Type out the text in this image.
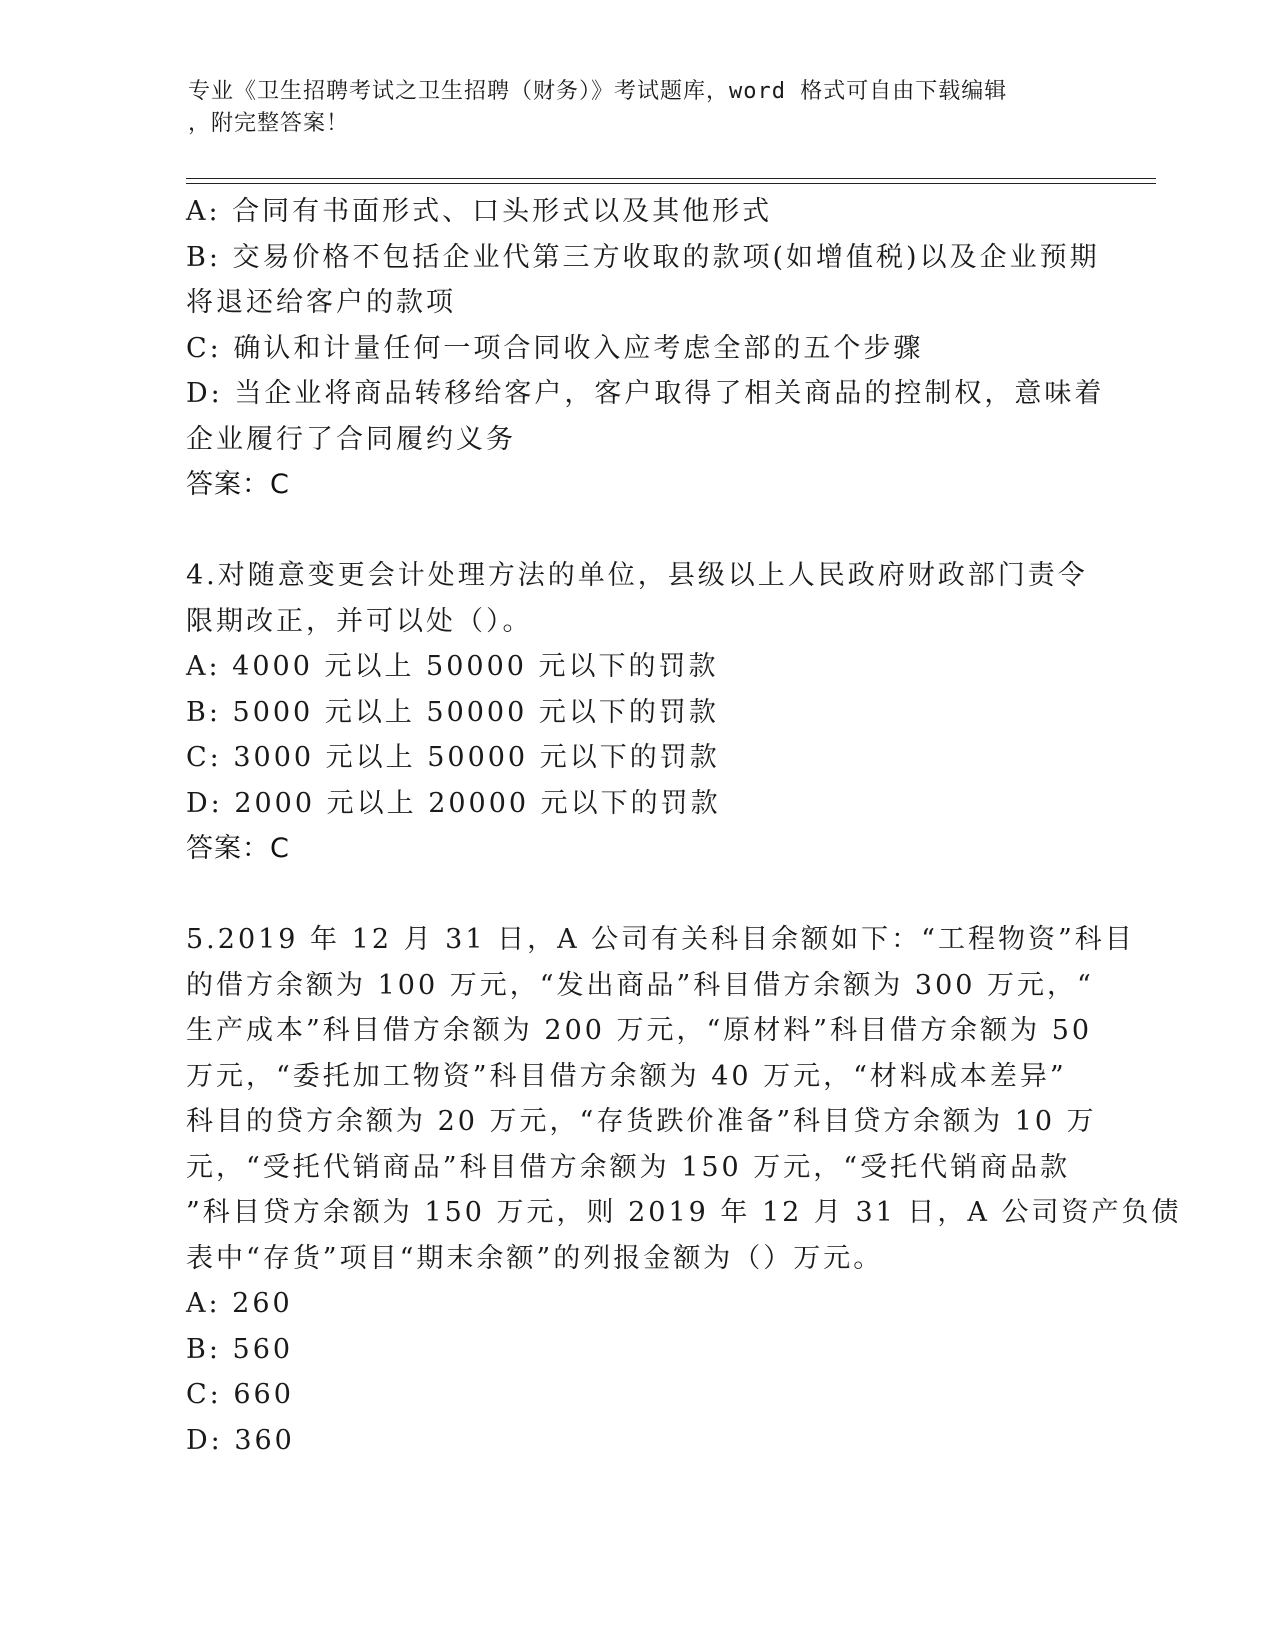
专业《卫生招聘考试之卫生招聘（财务）》考试题库，word 格式可自由下载编辑
，附完整答案！
A: 合同有书面形式、口头形式以及其他形式
B: 交易价格不包括企业代第三方收取的款项(如增值税)以及企业预期
将退还给客户的款项
C: 确认和计量任何一项合同收入应考虑全部的五个步骤
D: 当企业将商品转移给客户，客户取得了相关商品的控制权，意味着
企业履行了合同履约义务
答案：C
4.对随意变更会计处理方法的单位，县级以上人民政府财政部门责令
限期改正，并可以处（）。
A: 4000 元以上 50000 元以下的罚款
B: 5000 元以上 50000 元以下的罚款
C: 3000 元以上 50000 元以下的罚款
D: 2000 元以上 20000 元以下的罚款
答案：C
5.2019 年 12 月 31 日，A 公司有关科目余额如下：“工程物资”科目
的借方余额为 100 万元，“发出商品”科目借方余额为 300 万元，“
生产成本”科目借方余额为 200 万元，“原材料”科目借方余额为 50
万元，“委托加工物资”科目借方余额为 40 万元，“材料成本差异”
科目的贷方余额为 20 万元，“存货跌价准备”科目贷方余额为 10 万
元，“受托代销商品”科目借方余额为 150 万元，“受托代销商品款
”科目贷方余额为 150 万元，则 2019 年 12 月 31 日，A 公司资产负债
表中“存货”项目“期末余额”的列报金额为（）万元。
A: 260
B: 560
C: 660
D: 360
